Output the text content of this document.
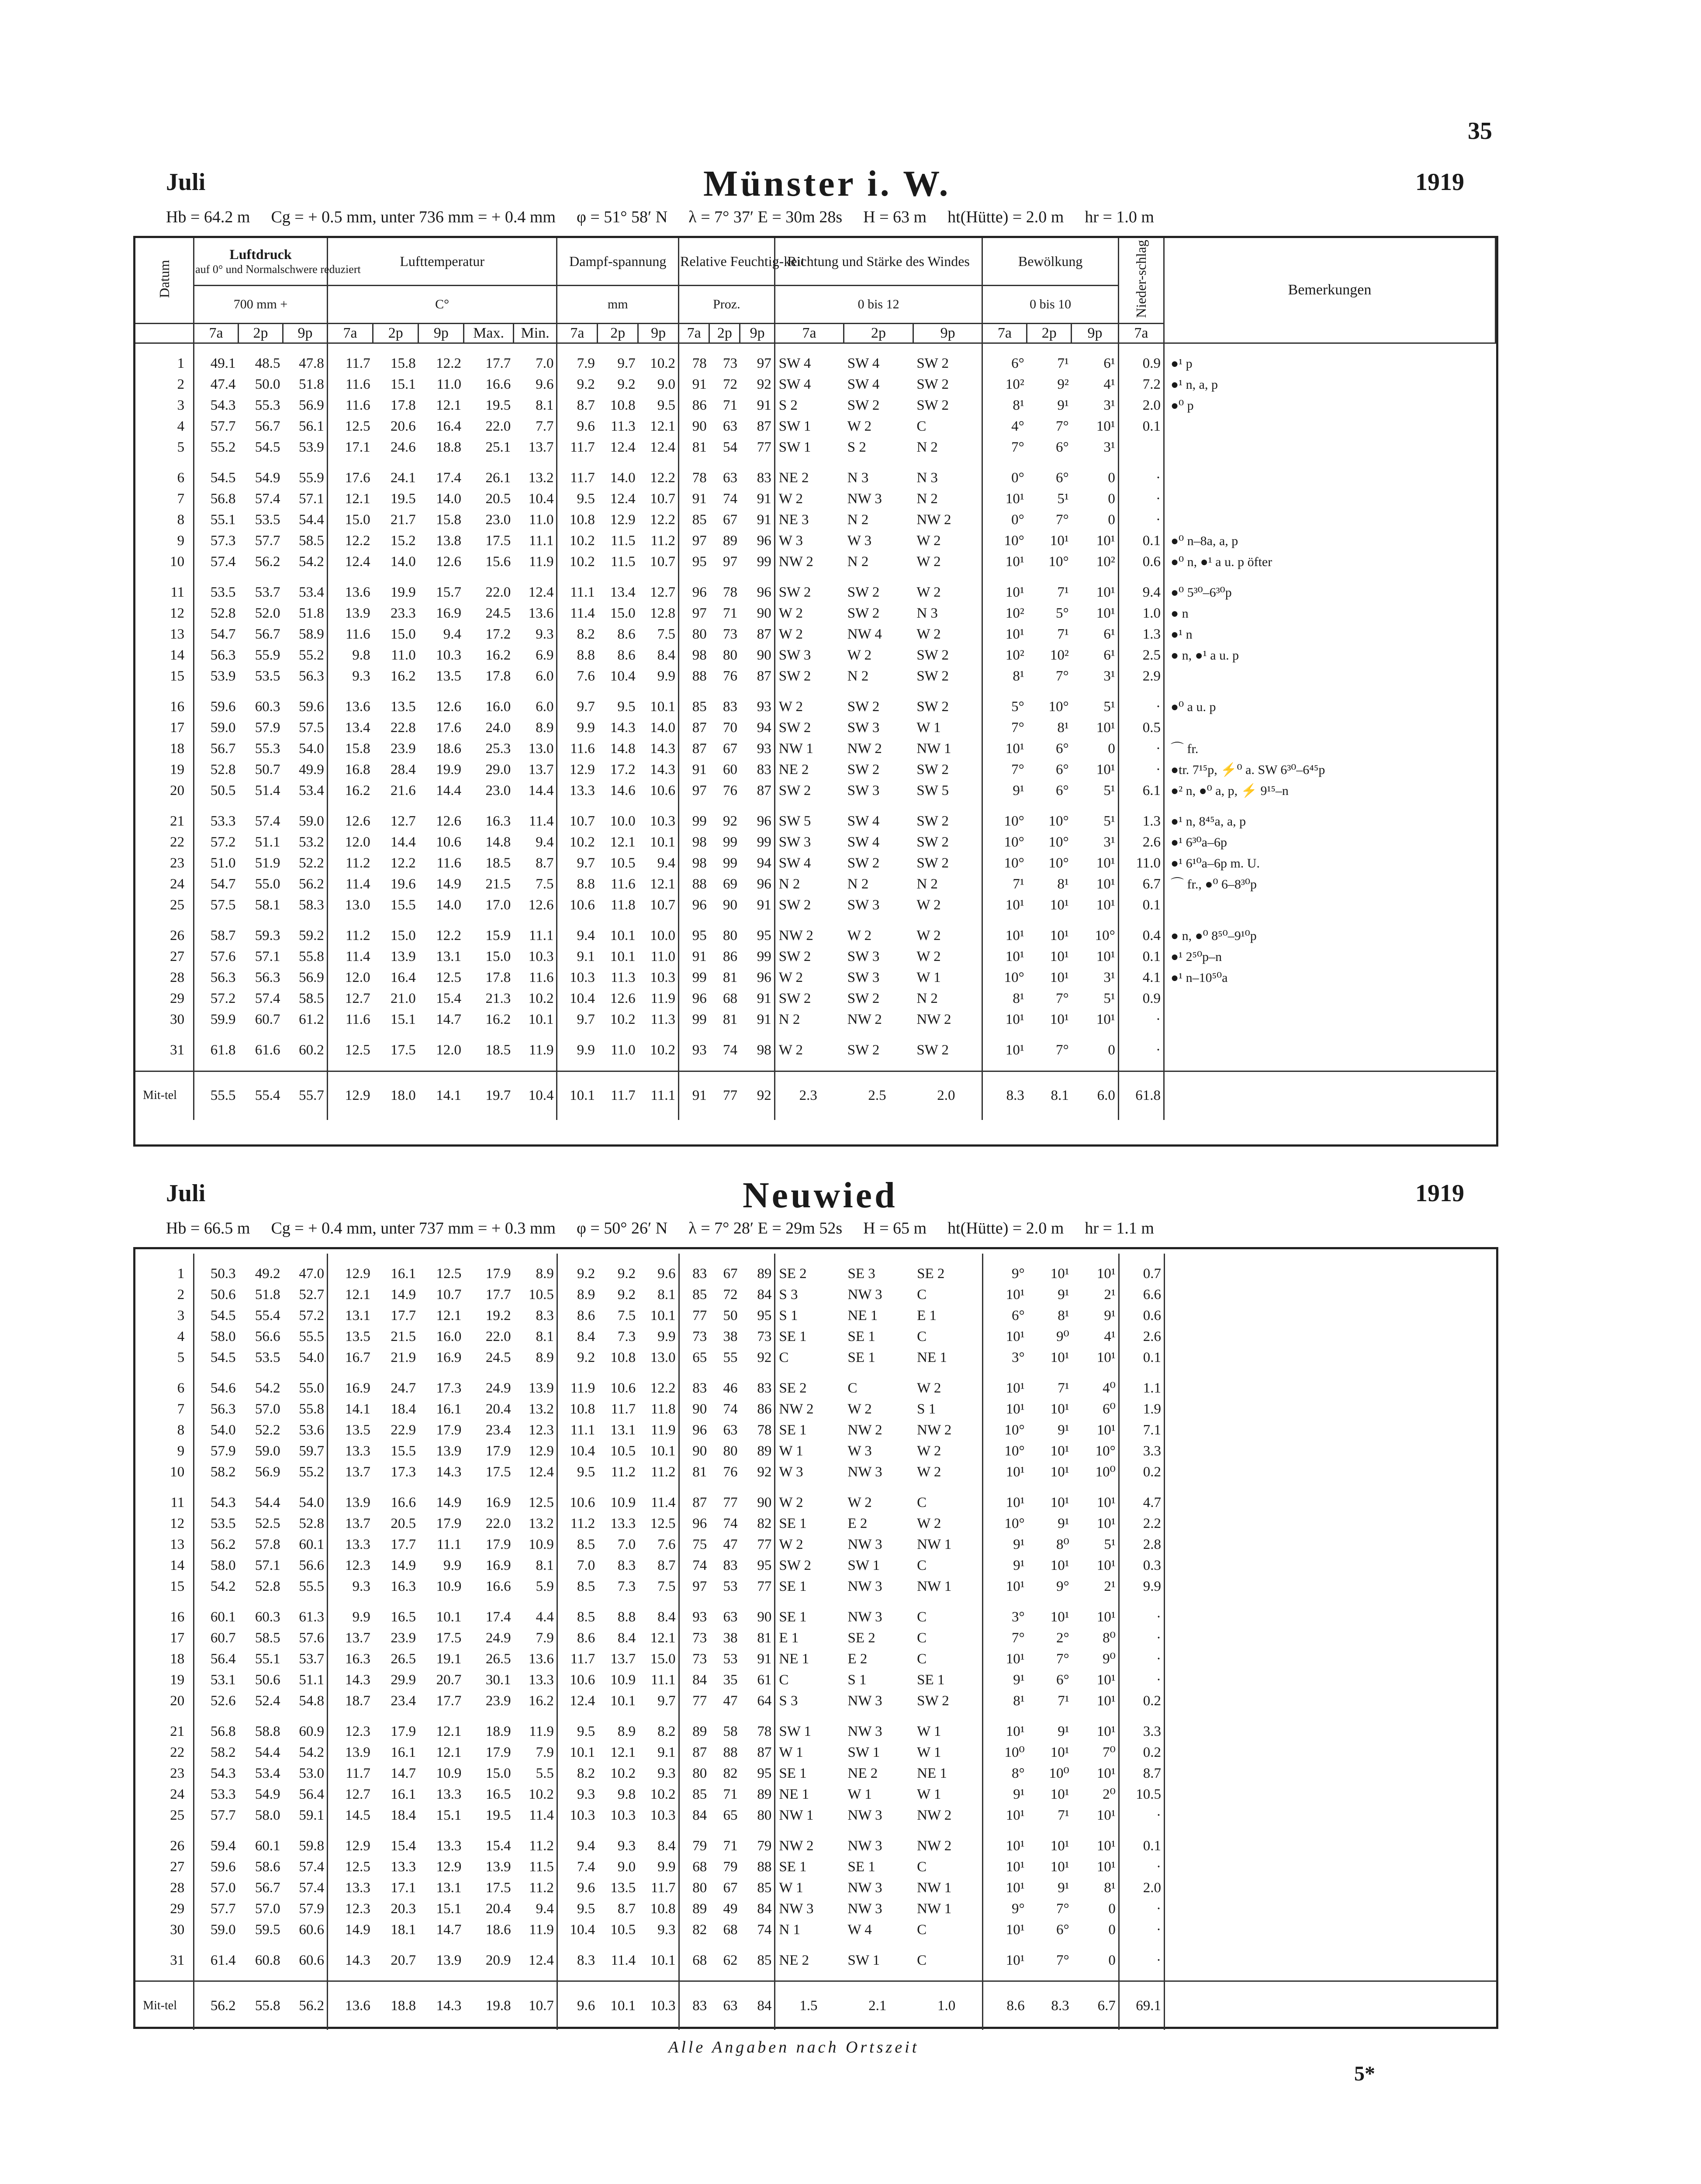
35
Juli	Münster i. W.	1919
Hb = 64.2 m Cg = + 0.5 mm, unter 736 mm = + 0.4 mm φ = 51° 58′ N λ = 7° 37′ E = 30m 28s H = 63 m ht(Hütte) = 2.0 m hr = 1.0 m
Datum	Luftdruck
auf 0° und Normalschwere reduziert			Lufttemperatur					Dampf-spannung			Relative Feuchtig-keit			Richtung und Stärke des Windes			Bewölkung			Nieder-schlag	Bemerkungen
	700 mm +			C°					mm			Proz.			0 bis 12			0 bis 10				
	7a	2p	9p	7a	2p	9p	Max.	Min.	7a	2p	9p	7a	2p	9p	7a	2p	9p	7a	2p	9p	7a	

1	49.1	48.5	47.8	11.7	15.8	12.2	17.7	7.0	7.9	9.7	10.2	78	73	97	SW 4	SW 4	SW 2	6°	7¹	6¹	0.9	●¹ p
2	47.4	50.0	51.8	11.6	15.1	11.0	16.6	9.6	9.2	9.2	9.0	91	72	92	SW 4	SW 4	SW 2	10²	9²	4¹	7.2	●¹ n, a, p
3	54.3	55.3	56.9	11.6	17.8	12.1	19.5	8.1	8.7	10.8	9.5	86	71	91	S 2	SW 2	SW 2	8¹	9¹	3¹	2.0	●⁰ p
4	57.7	56.7	56.1	12.5	20.6	16.4	22.0	7.7	9.6	11.3	12.1	90	63	87	SW 1	W 2	C	4°	7°	10¹	0.1	
5	55.2	54.5	53.9	17.1	24.6	18.8	25.1	13.7	11.7	12.4	12.4	81	54	77	SW 1	S 2	N 2	7°	6°	3¹		

6	54.5	54.9	55.9	17.6	24.1	17.4	26.1	13.2	11.7	14.0	12.2	78	63	83	NE 2	N 3	N 3	0°	6°	0	·	
7	56.8	57.4	57.1	12.1	19.5	14.0	20.5	10.4	9.5	12.4	10.7	91	74	91	W 2	NW 3	N 2	10¹	5¹	0	·	
8	55.1	53.5	54.4	15.0	21.7	15.8	23.0	11.0	10.8	12.9	12.2	85	67	91	NE 3	N 2	NW 2	0°	7°	0	·	
9	57.3	57.7	58.5	12.2	15.2	13.8	17.5	11.1	10.2	11.5	11.2	97	89	96	W 3	W 3	W 2	10°	10¹	10¹	0.1	●⁰ n–8a, a, p
10	57.4	56.2	54.2	12.4	14.0	12.6	15.6	11.9	10.2	11.5	10.7	95	97	99	NW 2	N 2	W 2	10¹	10°	10²	0.6	●⁰ n, ●¹ a u. p öfter

11	53.5	53.7	53.4	13.6	19.9	15.7	22.0	12.4	11.1	13.4	12.7	96	78	96	SW 2	SW 2	W 2	10¹	7¹	10¹	9.4	●⁰ 5³⁰–6³⁰p
12	52.8	52.0	51.8	13.9	23.3	16.9	24.5	13.6	11.4	15.0	12.8	97	71	90	W 2	SW 2	N 3	10²	5°	10¹	1.0	● n
13	54.7	56.7	58.9	11.6	15.0	9.4	17.2	9.3	8.2	8.6	7.5	80	73	87	W 2	NW 4	W 2	10¹	7¹	6¹	1.3	●¹ n
14	56.3	55.9	55.2	9.8	11.0	10.3	16.2	6.9	8.8	8.6	8.4	98	80	90	SW 3	W 2	SW 2	10²	10²	6¹	2.5	● n, ●¹ a u. p
15	53.9	53.5	56.3	9.3	16.2	13.5	17.8	6.0	7.6	10.4	9.9	88	76	87	SW 2	N 2	SW 2	8¹	7°	3¹	2.9	

16	59.6	60.3	59.6	13.6	13.5	12.6	16.0	6.0	9.7	9.5	10.1	85	83	93	W 2	SW 2	SW 2	5°	10°	5¹	·	●⁰ a u. p
17	59.0	57.9	57.5	13.4	22.8	17.6	24.0	8.9	9.9	14.3	14.0	87	70	94	SW 2	SW 3	W 1	7°	8¹	10¹	0.5	
18	56.7	55.3	54.0	15.8	23.9	18.6	25.3	13.0	11.6	14.8	14.3	87	67	93	NW 1	NW 2	NW 1	10¹	6°	0	·	⌒ fr.
19	52.8	50.7	49.9	16.8	28.4	19.9	29.0	13.7	12.9	17.2	14.3	91	60	83	NE 2	SW 2	SW 2	7°	6°	10¹	·	●tr. 7¹⁵p, ⚡⁰ a. SW 6³⁰–6⁴⁵p
20	50.5	51.4	53.4	16.2	21.6	14.4	23.0	14.4	13.3	14.6	10.6	97	76	87	SW 2	SW 3	SW 5	9¹	6°	5¹	6.1	●² n, ●⁰ a, p, ⚡ 9¹⁵–n

21	53.3	57.4	59.0	12.6	12.7	12.6	16.3	11.4	10.7	10.0	10.3	99	92	96	SW 5	SW 4	SW 2	10°	10°	5¹	1.3	●¹ n, 8⁴⁵a, a, p
22	57.2	51.1	53.2	12.0	14.4	10.6	14.8	9.4	10.2	12.1	10.1	98	99	99	SW 3	SW 4	SW 2	10°	10°	3¹	2.6	●¹ 6³⁰a–6p
23	51.0	51.9	52.2	11.2	12.2	11.6	18.5	8.7	9.7	10.5	9.4	98	99	94	SW 4	SW 2	SW 2	10°	10°	10¹	11.0	●¹ 6¹⁰a–6p m. U.
24	54.7	55.0	56.2	11.4	19.6	14.9	21.5	7.5	8.8	11.6	12.1	88	69	96	N 2	N 2	N 2	7¹	8¹	10¹	6.7	⌒ fr., ●⁰ 6–8³⁰p
25	57.5	58.1	58.3	13.0	15.5	14.0	17.0	12.6	10.6	11.8	10.7	96	90	91	SW 2	SW 3	W 2	10¹	10¹	10¹	0.1	

26	58.7	59.3	59.2	11.2	15.0	12.2	15.9	11.1	9.4	10.1	10.0	95	80	95	NW 2	W 2	W 2	10¹	10¹	10°	0.4	● n, ●⁰ 8⁵⁰–9¹⁰p
27	57.6	57.1	55.8	11.4	13.9	13.1	15.0	10.3	9.1	10.1	11.0	91	86	99	SW 2	SW 3	W 2	10¹	10¹	10¹	0.1	●¹ 2⁵⁰p–n
28	56.3	56.3	56.9	12.0	16.4	12.5	17.8	11.6	10.3	11.3	10.3	99	81	96	W 2	SW 3	W 1	10°	10¹	3¹	4.1	●¹ n–10⁵⁰a
29	57.2	57.4	58.5	12.7	21.0	15.4	21.3	10.2	10.4	12.6	11.9	96	68	91	SW 2	SW 2	N 2	8¹	7°	5¹	0.9	
30	59.9	60.7	61.2	11.6	15.1	14.7	16.2	10.1	9.7	10.2	11.3	99	81	91	N 2	NW 2	NW 2	10¹	10¹	10¹	·	

31	61.8	61.6	60.2	12.5	17.5	12.0	18.5	11.9	9.9	11.0	10.2	93	74	98	W 2	SW 2	SW 2	10¹	7°	0	·	

Mit-tel	55.5	55.4	55.7	12.9	18.0	14.1	19.7	10.4	10.1	11.7	11.1	91	77	92	2.3	2.5	2.0	8.3	8.1	6.0	61.8	
Juli	Neuwied	1919
Hb = 66.5 m Cg = + 0.4 mm, unter 737 mm = + 0.3 mm φ = 50° 26′ N λ = 7° 28′ E = 29m 52s H = 65 m ht(Hütte) = 2.0 m hr = 1.1 m

1	50.3	49.2	47.0	12.9	16.1	12.5	17.9	8.9	9.2	9.2	9.6	83	67	89	SE 2	SE 3	SE 2	9°	10¹	10¹	0.7	
2	50.6	51.8	52.7	12.1	14.9	10.7	17.7	10.5	8.9	9.2	8.1	85	72	84	S 3	NW 3	C	10¹	9¹	2¹	6.6	
3	54.5	55.4	57.2	13.1	17.7	12.1	19.2	8.3	8.6	7.5	10.1	77	50	95	S 1	NE 1	E 1	6°	8¹	9¹	0.6	
4	58.0	56.6	55.5	13.5	21.5	16.0	22.0	8.1	8.4	7.3	9.9	73	38	73	SE 1	SE 1	C	10¹	9⁰	4¹	2.6	
5	54.5	53.5	54.0	16.7	21.9	16.9	24.5	8.9	9.2	10.8	13.0	65	55	92	C	SE 1	NE 1	3°	10¹	10¹	0.1	

6	54.6	54.2	55.0	16.9	24.7	17.3	24.9	13.9	11.9	10.6	12.2	83	46	83	SE 2	C	W 2	10¹	7¹	4⁰	1.1	
7	56.3	57.0	55.8	14.1	18.4	16.1	20.4	13.2	10.8	11.7	11.8	90	74	86	NW 2	W 2	S 1	10¹	10¹	6⁰	1.9	
8	54.0	52.2	53.6	13.5	22.9	17.9	23.4	12.3	11.1	13.1	11.9	96	63	78	SE 1	NW 2	NW 2	10°	9¹	10¹	7.1	
9	57.9	59.0	59.7	13.3	15.5	13.9	17.9	12.9	10.4	10.5	10.1	90	80	89	W 1	W 3	W 2	10°	10¹	10°	3.3	
10	58.2	56.9	55.2	13.7	17.3	14.3	17.5	12.4	9.5	11.2	11.2	81	76	92	W 3	NW 3	W 2	10¹	10¹	10⁰	0.2	

11	54.3	54.4	54.0	13.9	16.6	14.9	16.9	12.5	10.6	10.9	11.4	87	77	90	W 2	W 2	C	10¹	10¹	10¹	4.7	
12	53.5	52.5	52.8	13.7	20.5	17.9	22.0	13.2	11.2	13.3	12.5	96	74	82	SE 1	E 2	W 2	10°	9¹	10¹	2.2	
13	56.2	57.8	60.1	13.3	17.7	11.1	17.9	10.9	8.5	7.0	7.6	75	47	77	W 2	NW 3	NW 1	9¹	8⁰	5¹	2.8	
14	58.0	57.1	56.6	12.3	14.9	9.9	16.9	8.1	7.0	8.3	8.7	74	83	95	SW 2	SW 1	C	9¹	10¹	10¹	0.3	
15	54.2	52.8	55.5	9.3	16.3	10.9	16.6	5.9	8.5	7.3	7.5	97	53	77	SE 1	NW 3	NW 1	10¹	9°	2¹	9.9	

16	60.1	60.3	61.3	9.9	16.5	10.1	17.4	4.4	8.5	8.8	8.4	93	63	90	SE 1	NW 3	C	3°	10¹	10¹	·	
17	60.7	58.5	57.6	13.7	23.9	17.5	24.9	7.9	8.6	8.4	12.1	73	38	81	E 1	SE 2	C	7°	2°	8⁰	·	
18	56.4	55.1	53.7	16.3	26.5	19.1	26.5	13.6	11.7	13.7	15.0	73	53	91	NE 1	E 2	C	10¹	7°	9⁰	·	
19	53.1	50.6	51.1	14.3	29.9	20.7	30.1	13.3	10.6	10.9	11.1	84	35	61	C	S 1	SE 1	9¹	6°	10¹	·	
20	52.6	52.4	54.8	18.7	23.4	17.7	23.9	16.2	12.4	10.1	9.7	77	47	64	S 3	NW 3	SW 2	8¹	7¹	10¹	0.2	

21	56.8	58.8	60.9	12.3	17.9	12.1	18.9	11.9	9.5	8.9	8.2	89	58	78	SW 1	NW 3	W 1	10¹	9¹	10¹	3.3	
22	58.2	54.4	54.2	13.9	16.1	12.1	17.9	7.9	10.1	12.1	9.1	87	88	87	W 1	SW 1	W 1	10⁰	10¹	7⁰	0.2	
23	54.3	53.4	53.0	11.7	14.7	10.9	15.0	5.5	8.2	10.2	9.3	80	82	95	SE 1	NE 2	NE 1	8°	10⁰	10¹	8.7	
24	53.3	54.9	56.4	12.7	16.1	13.3	16.5	10.2	9.3	9.8	10.2	85	71	89	NE 1	W 1	W 1	9¹	10¹	2⁰	10.5	
25	57.7	58.0	59.1	14.5	18.4	15.1	19.5	11.4	10.3	10.3	10.3	84	65	80	NW 1	NW 3	NW 2	10¹	7¹	10¹	·	

26	59.4	60.1	59.8	12.9	15.4	13.3	15.4	11.2	9.4	9.3	8.4	79	71	79	NW 2	NW 3	NW 2	10¹	10¹	10¹	0.1	
27	59.6	58.6	57.4	12.5	13.3	12.9	13.9	11.5	7.4	9.0	9.9	68	79	88	SE 1	SE 1	C	10¹	10¹	10¹	·	
28	57.0	56.7	57.4	13.3	17.1	13.1	17.5	11.2	9.6	13.5	11.7	80	67	85	W 1	NW 3	NW 1	10¹	9¹	8¹	2.0	
29	57.7	57.0	57.9	12.3	20.3	15.1	20.4	9.4	9.5	8.7	10.8	89	49	84	NW 3	NW 3	NW 1	9°	7°	0	·	
30	59.0	59.5	60.6	14.9	18.1	14.7	18.6	11.9	10.4	10.5	9.3	82	68	74	N 1	W 4	C	10¹	6°	0	·	

31	61.4	60.8	60.6	14.3	20.7	13.9	20.9	12.4	8.3	11.4	10.1	68	62	85	NE 2	SW 1	C	10¹	7°	0	·	

Mit-tel	56.2	55.8	56.2	13.6	18.8	14.3	19.8	10.7	9.6	10.1	10.3	83	63	84	1.5	2.1	1.0	8.6	8.3	6.7	69.1	
Alle Angaben nach Ortszeit
5*
